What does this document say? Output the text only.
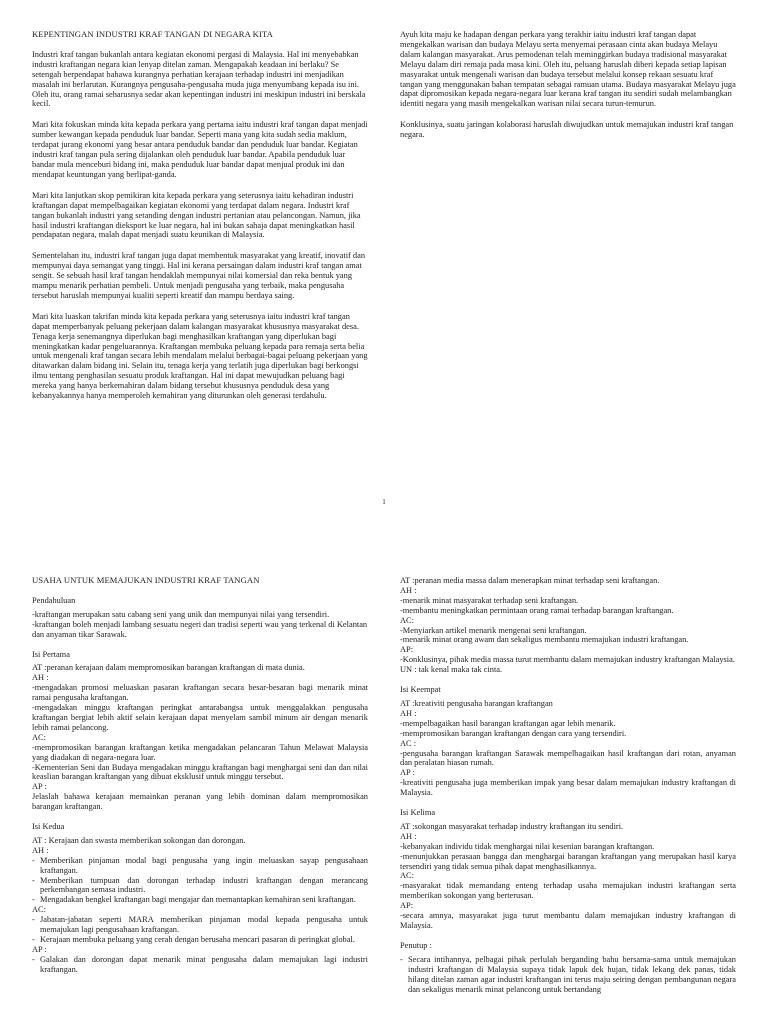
KEPENTINGAN INDUSTRI KRAF TANGAN DI NEGARA KITA

Industri kraf tangan bukanlah antara kegiatan ekonomi pergasi di Malaysia. Hal ini menyebabkan industri kraftangan negara kian lenyap ditelan zaman. Mengapakah keadaan ini berlaku? Se setengah berpendapat bahawa kurangnya perhatian kerajaan terhadap industri ini menjadikan masalah ini berlarutan. Kurangnya pengusaha-pengusaha muda juga menyumbang kepada isu ini. Oleh itu, orang ramai seharusnya sedar akan kepentingan industri ini meskipun industri ini berskala kecil.

Mari kita fokuskan minda kita kepada perkara yang pertama iaitu industri kraf tangan dapat menjadi sumber kewangan kepada penduduk luar bandar. Seperti mana yang kita sudah sedia maklum, terdapat jurang ekonomi yang besar antara penduduk bandar dan penduduk luar bandar. Kegiatan industri kraf tangan pula sering dijalankan oleh penduduk luar bandar. Apabila penduduk luar bandar mula menceburi bidang ini, maka penduduk luar bandar dapat menjual produk ini dan mendapat keuntungan yang berlipat-ganda.

Mari kita lanjutkan skop pemikiran kita kepada perkara yang seterusnya iaitu kehadiran industri kraftangan dapat mempelbagaikan kegiatan ekonomi yang terdapat dalam negara. Industri kraf tangan bukanlah industri yang setanding dengan industri pertanian atau pelancongan. Namun, jika hasil industri kraftangan dieksport ke luar negara, hal ini bukan sahaja dapat meningkatkan hasil pendapatan negara, malah dapat menjadi suatu keunikan di Malaysia.

Sementelahan itu, industri kraf tangan juga dapat membentuk masyarakat yang kreatif, inovatif dan mempunyai daya semangat yang tinggi. Hal ini kerana persaingan dalam industri kraf tangan amat sengit. Se sebuah hasil kraf tangan hendaklah mempunyai nilai komersial dan reka bentuk yang mampu menarik perhatian pembeli. Untuk menjadi pengusaha yang terbaik, maka pengusaha tersebut haruslah mempunyai kualiti seperti kreatif dan mampu berdaya saing.

Mari kita luaskan takrifan minda kita kepada perkara yang seterusnya iaitu industri kraf tangan dapat memperbanyak peluang pekerjaan dalam kalangan masyarakat khususnya masyarakat desa. Tenaga kerja senemangnya diperlukan bagi menghasilkan kraftangan yang diperlukan bagi meningkatkan kadar pengeluarannya. Kraftangan membuka peluang kepada para remaja serta belia untuk mengenali kraf tangan secara lebih mendalam melalui berbagai-bagai peluang pekerjaan yang ditawarkan dalam bidang ini. Selain itu, tenaga kerja yang terlatih juga diperlukan bagi berkongsi ilmu tentang penghasilan sesuatu produk kraftangan. Hal ini dapat mewujudkan peluang bagi mereka yang hanya berkemahiran dalam bidang tersebut khususnya penduduk desa yang kebanyakannya hanya memperoleh kemahiran yang diturunkan oleh generasi terdahulu.

Ayuh kita maju ke hadapan dengan perkara yang terakhir iaitu industri kraf tangan dapat mengekalkan warisan dan budaya Melayu serta menyemai perasaan cinta akan budaya Melayu dalam kalangan masyarakat. Arus pemodenan telah meminggirkan budaya tradisional masyarakat Melayu dalam diri remaja pada masa kini. Oleh itu, peluang haruslah diberi kepada setiap lapisan masyarakat untuk mengenali warisan dan budaya tersebut melalui konsep rekaan sesuatu kraf tangan yang menggunakan bahan tempatan sebagai ramuan utama. Budaya masyarakat Melayu juga dapat dipromosikan kepada negara-negara luar kerana kraf tangan itu sendiri sudah melambangkan identiti negara yang masih mengekalkan warisan nilai secara turun-temurun.

Konklusinya, suatu jaringan kolaborasi haruslah diwujudkan untuk memajukan industri kraf tangan negara.

1
USAHA UNTUK MEMAJUKAN INDUSTRI KRAF TANGAN
Pendahuluan
-kraftangan merupakan satu cabang seni yang unik dan mempunyai nilai yang tersendiri.
-kraftangan boleh menjadi lambang sesuatu negeri dan tradisi seperti wau yang terkenal di Kelantan dan anyaman tikar Sarawak.
Isi Pertama
AT :peranan kerajaan dalam mempromosikan barangan kraftangan di mata dunia.
AH :
-mengadakan promosi meluaskan pasaran kraftangan secara besar-besaran bagi menarik minat ramai pengusaha kraftangan.
-mengadakan minggu kraftangan peringkat antarabangsa untuk menggalakkan pengusaha kraftangan bergiat lebih aktif selain kerajaan dapat menyelam sambil minum air dengan menarik lebih ramai pelancong.
AC:
-mempromosikan barangan kraftangan ketika mengadakan pelancaran Tahun Melawat Malaysia yang diadakan di negara-negara luar.
-Kementerian Seni dan Budaya mengadakan minggu kraftangan bagi menghargai seni dan dan nilai keaslian barangan kraftangan yang dibuat eksklusif untuk minggu tersebut.
AP :
Jelaslah bahawa kerajaan memainkan peranan yang lebih dominan dalam mempromosikan barangan kraftangan.
Isi Kedua
AT : Kerajaan dan swasta memberikan sokongan dan dorongan.
AH :
- Memberikan pinjaman modal bagi pengusaha yang ingin meluaskan sayap pengusahaan kraftangan.
- Memberikan tumpuan dan dorongan terhadap industri kraftangan dengan merancang perkembangan semasa industri.
- Mengadakan bengkel kraftangan bagi mengajar dan memantapkan kemahiran seni kraftangan.
AC:
- Jabatan-jabatan seperti MARA memberikan pinjaman modal kepada pengusaha untuk memajukan lagi pengusahaan kraftangan.
- Kerajaan membuka peluang yang cerah dengan berusaha mencari pasaran di peringkat global.
AP :
- Galakan dan dorongan dapat menarik minat pengusaha dalam memajukan lagi industri kraftangan.
AT :peranan media massa dalam menerapkan minat terhadap seni kraftangan.
AH :
-menarik minat masyarakat terhadap seni kraftangan.
-membantu meningkatkan permintaan orang ramai terhadap barangan kraftangan.
AC:
-Menyiarkan artikel menarik mengenai seni kraftangan.
-menarik minat orang awam dan sekaligus membantu memajukan industri kraftangan.
AP:
-Konklusinya, pihak media massa turut membantu dalam memajukan industry kraftangan Malaysia.
UN : tak kenal maka tak cinta.
Isi Keempat
AT :kreativiti pengusaha barangan kraftangan
AH :
-mempelbagaikan hasil barangan kraftangan agar lebih menarik.
-mempromosikan barangan kraftangan dengan cara yang tersendiri.
AC :
-pengusaha barangan kraftangan Sarawak mempelbagaikan hasil kraftangan dari rotan, anyaman dan peralatan hiasan rumah.
AP :
-kreativiti pengusaha juga memberikan impak yang besar dalam memajukan industry kraftangan di Malaysia.
Isi Kelima
AT :sokongan masyarakat terhadap industry kraftangan itu sendiri.
AH :
-kebanyakan individu tidak menghargai nilai kesenian barangan kraftangan.
-menunjukkan perasaan bangga dan menghargai barangan kraftangan yang merupakan hasil karya tersendiri yang tidak semua pihak dapat menghasilkannya.
AC:
-masyarakat tidak memandang enteng terhadap usaha memajukan industri kraftangan serta memberikan sokongan yang berterusan.
AP:
-secara amnya, masyarakat juga turut membantu dalam memajukan industry kraftangan di Malaysia.
Penutup :
- Secara intihannya, pelbagai pihak perlulah berganding bahu bersama-sama untuk memajukan industri kraftangan di Malaysia supaya tidak lapuk dek hujan, tidak lekang dek panas, tidak hilang ditelan zaman agar industri kraftangan ini terus maju seiring dengan pembangunan negara dan sekaligus menarik minat pelancong untuk bertandang
